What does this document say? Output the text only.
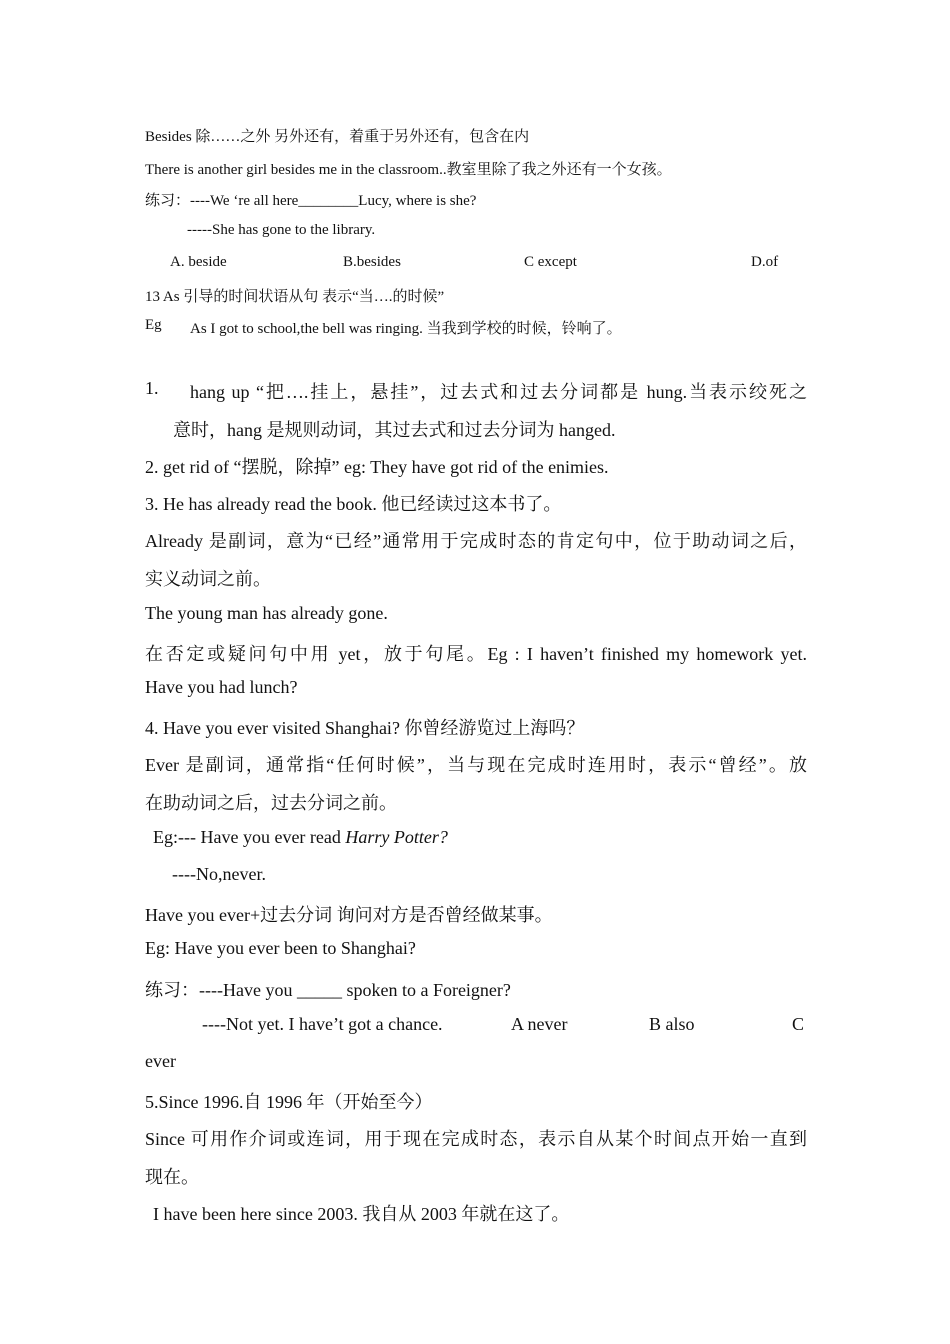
Besides 除……之外 另外还有，着重于另外还有，包含在内
There is another girl besides me in the classroom..教室里除了我之外还有一个女孩。
练习：----We ‘re all here________Lucy, where is she?
-----She has gone to the library.
A. beside	B.besides	C except	D.of
13 As 引导的时间状语从句 表示“当….的时候”
Eg As I got to school,the bell was ringing. 当我到学校的时候，铃响了。
1. hang up “把….挂上，悬挂”，过去式和过去分词都是 hung.当表示绞死之
意时，hang 是规则动词，其过去式和过去分词为 hanged.
2. get rid of “摆脱，除掉” eg: They have got rid of the enimies.
3. He has already read the book. 他已经读过这本书了。
Already 是副词，意为“已经”通常用于完成时态的肯定句中，位于助动词之后，
实义动词之前。
The young man has already gone.
在否定或疑问句中用 yet，放于句尾。Eg : I haven’t finished my homework yet.
Have you had lunch?
4. Have you ever visited Shanghai? 你曾经游览过上海吗？
Ever 是副词，通常指“任何时候”，当与现在完成时连用时，表示“曾经”。放
在助动词之后，过去分词之前。
Eg:--- Have you ever read Harry Potter?
----No,never.
Have you ever+过去分词 询问对方是否曾经做某事。
Eg: Have you ever been to Shanghai?
练习：----Have you _____ spoken to a Foreigner?
----Not yet. I have’t got a chance.	A never	B also	C
ever
5.Since 1996.自 1996 年（开始至今）
Since 可用作介词或连词，用于现在完成时态，表示自从某个时间点开始一直到
现在。
I have been here since 2003. 我自从 2003 年就在这了。
